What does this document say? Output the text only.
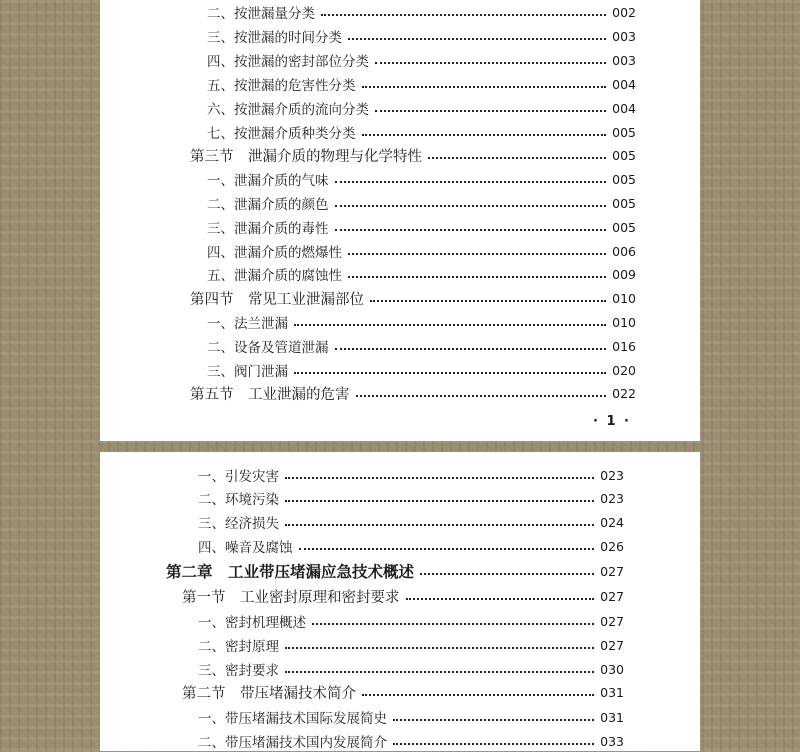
二、按泄漏量分类	002
三、按泄漏的时间分类	003
四、按泄漏的密封部位分类	003
五、按泄漏的危害性分类	004
六、按泄漏介质的流向分类	004
七、按泄漏介质种类分类	005
第三节　泄漏介质的物理与化学特性	005
一、泄漏介质的气味	005
二、泄漏介质的颜色	005
三、泄漏介质的毒性	005
四、泄漏介质的燃爆性	006
五、泄漏介质的腐蚀性	009
第四节　常见工业泄漏部位	010
一、法兰泄漏	010
二、设备及管道泄漏	016
三、阀门泄漏	020
第五节　工业泄漏的危害	022
· 1 ·
一、引发灾害	023
二、环境污染	023
三、经济损失	024
四、噪音及腐蚀	026
第二章　工业带压堵漏应急技术概述	027
第一节　工业密封原理和密封要求	027
一、密封机理概述	027
二、密封原理	027
三、密封要求	030
第二节　带压堵漏技术简介	031
一、带压堵漏技术国际发展简史	031
二、带压堵漏技术国内发展简介	033
